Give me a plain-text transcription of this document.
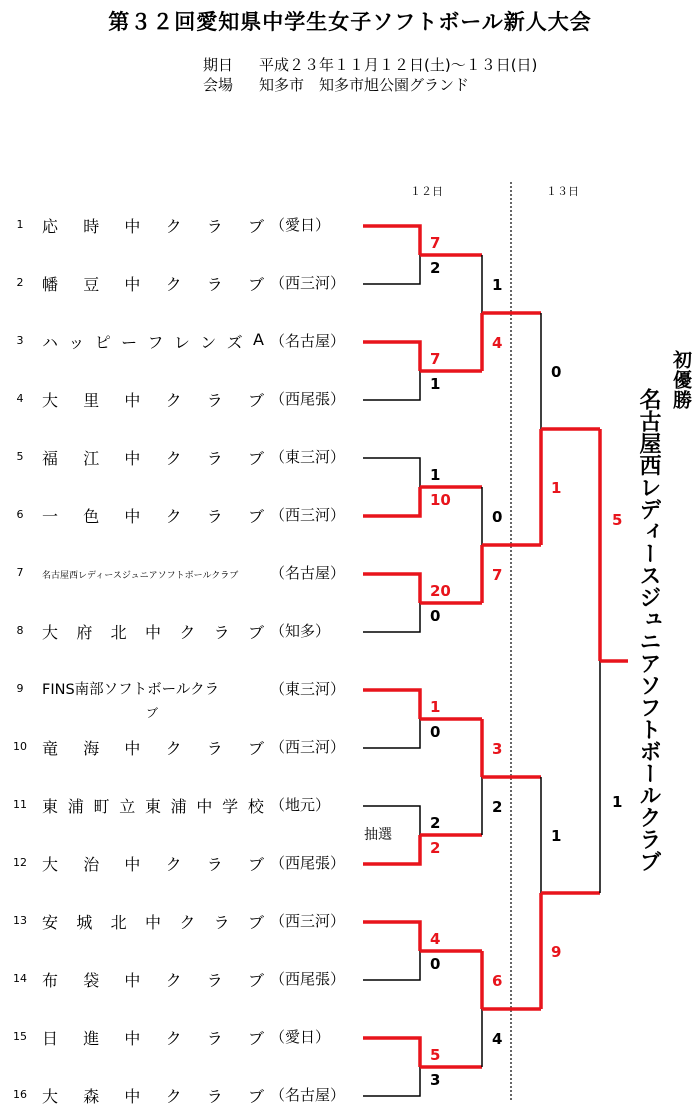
第３２回愛知県中学生女子ソフトボール新人大会
期日 平成２３年１１月１２日(土)～１３日(日)
会場 知多市　知多市旭公園グランド
１２日	１３日
1	応 時 中 ク ラ ブ （愛日）
2	幡 豆 中 ク ラ ブ （西三河）
3	ハ ッ ピ ー フ レ ン ズ A （名古屋）
4	大 里 中 ク ラ ブ （西尾張）
5	福 江 中 ク ラ ブ （東三河）
6	一 色 中 ク ラ ブ （西三河）
7	名古屋西レディースジュニアソフトボールクラブ	（名古屋）
8	大 府 北 中 ク ラ ブ （知多）
9	FINS南部ソフトボールクラ
ブ
（東三河）
10 竜 海 中 ク ラ ブ （西三河）
11 東 浦 町 立 東 浦 中 学 校 （地元）
12 大 治 中 ク ラ ブ （西尾張）
13 安 城 北 中 ク ラ ブ （西三河）
14 布 袋 中 ク ラ ブ （西尾張）
15 日 進 中 ク ラ ブ （愛日）
16 大 森 中 ク ラ ブ （名古屋）
抽選
7
2
7
1
1
10
20
0
1
0
2
2
4
0
5
3
1
4
0
7
3
2
6
4
0
1
1
9
5
1
初優勝
名古屋西レディースジュニアソフトボールクラブ
